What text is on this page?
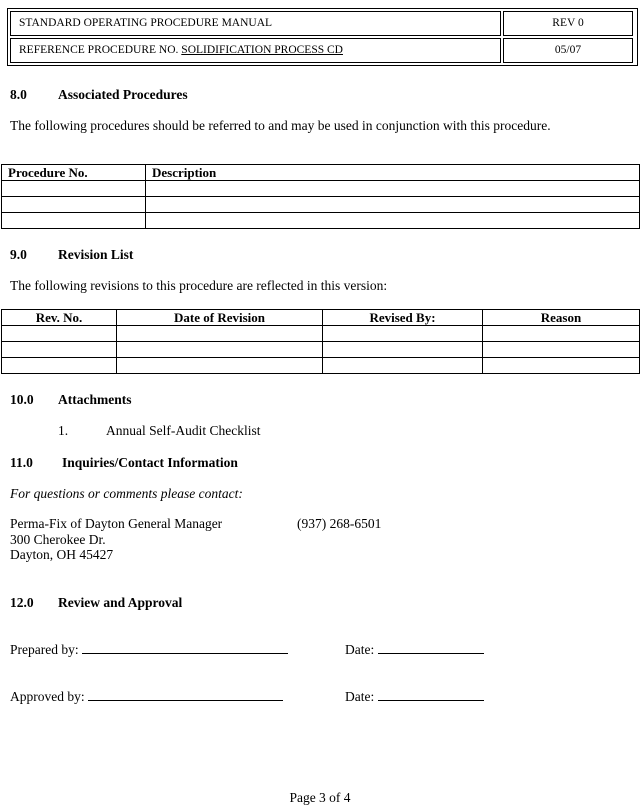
STANDARD OPERATING PROCEDURE MANUAL	REV 0
REFERENCE PROCEDURE NO. SOLIDIFICATION PROCESS CD	05/07
8.0 Associated Procedures
The following procedures should be referred to and may be used in conjunction with this procedure.
Procedure No.	Description

9.0 Revision List
The following revisions to this procedure are reflected in this version:
Rev. No.	Date of Revision	Revised By:	Reason

10.0 Attachments
1.	Annual Self-Audit Checklist
11.0 Inquiries/Contact Information
For questions or comments please contact:
Perma-Fix of Dayton General Manager	(937) 268-6501
300 Cherokee Dr.
Dayton, OH 45427
12.0 Review and Approval
Prepared by:	Date:
Approved by:	Date:
Page 3 of 4
